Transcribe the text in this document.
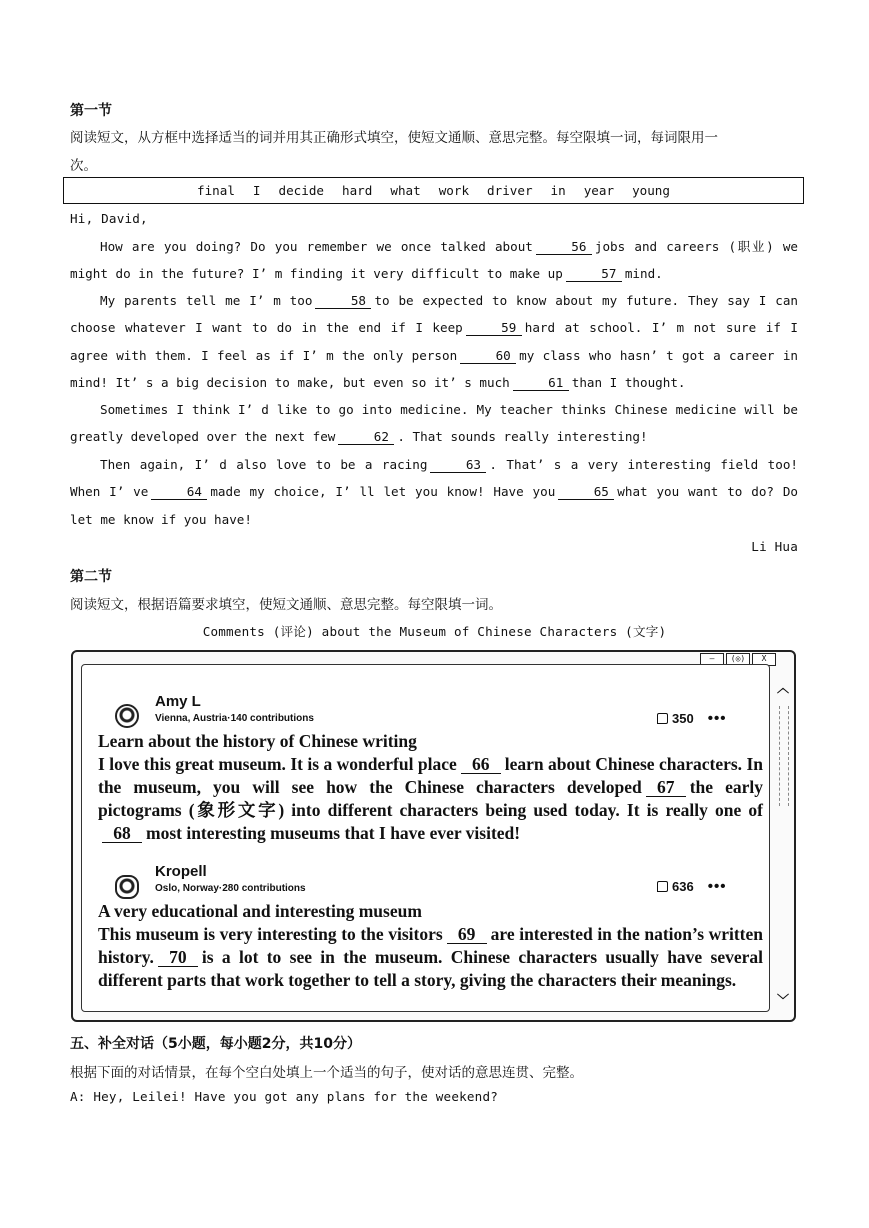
第一节
阅读短文，从方框中选择适当的词并用其正确形式填空，使短文通顺、意思完整。每空限填一词，每词限用一
次。
final I decide hard what work driver in year young
Hi, David,
How are you doing? Do you remember we once talked about	56 jobs and careers (职业) we might do in the future? I’ m finding it very difficult to make up	57 mind.
My parents tell me I’ m too	58 to be expected to know about my future. They say I can choose whatever I want to do in the end if I keep	59 hard at school. I’ m not sure if I agree with them. I feel as if I’ m the only person	60 my class who hasn’ t got a career in mind! It’ s a big decision to make, but even so it’ s much	61 than I thought.
Sometimes I think I’ d like to go into medicine. My teacher thinks Chinese medicine will be greatly developed over the next few	62 . That sounds really interesting!
Then again, I’ d also love to be a racing	63 . That’ s a very interesting field too! When I’ ve	64 made my choice, I’ ll let you know! Have you	65 what you want to do? Do let me know if you have!
Li Hua
第二节
阅读短文，根据语篇要求填空，使短文通顺、意思完整。每空限填一词。
Comments (评论) about the Museum of Chinese Characters (文字)
—	(◎)	X
︿
﹀
Amy L
Vienna, Austria·140 contributions	350 •••
Learn about the history of Chinese writing
I love this great museum. It is a wonderful place 66 learn about Chinese characters. In the museum, you will see how the Chinese characters developed 67 the early pictograms (象形文字) into different characters being used today. It is really one of68 most interesting museums that I have ever visited!
Kropell
Oslo, Norway·280 contributions	636 •••
A very educational and interesting museum
This museum is very interesting to the visitors 69 are interested in the nation’s written history. 70 is a lot to see in the museum. Chinese characters usually have several different parts that work together to tell a story, giving the characters their meanings.
五、补全对话（5小题，每小题2分，共10分）
根据下面的对话情景，在每个空白处填上一个适当的句子，使对话的意思连贯、完整。
A: Hey, Leilei! Have you got any plans for the weekend?
